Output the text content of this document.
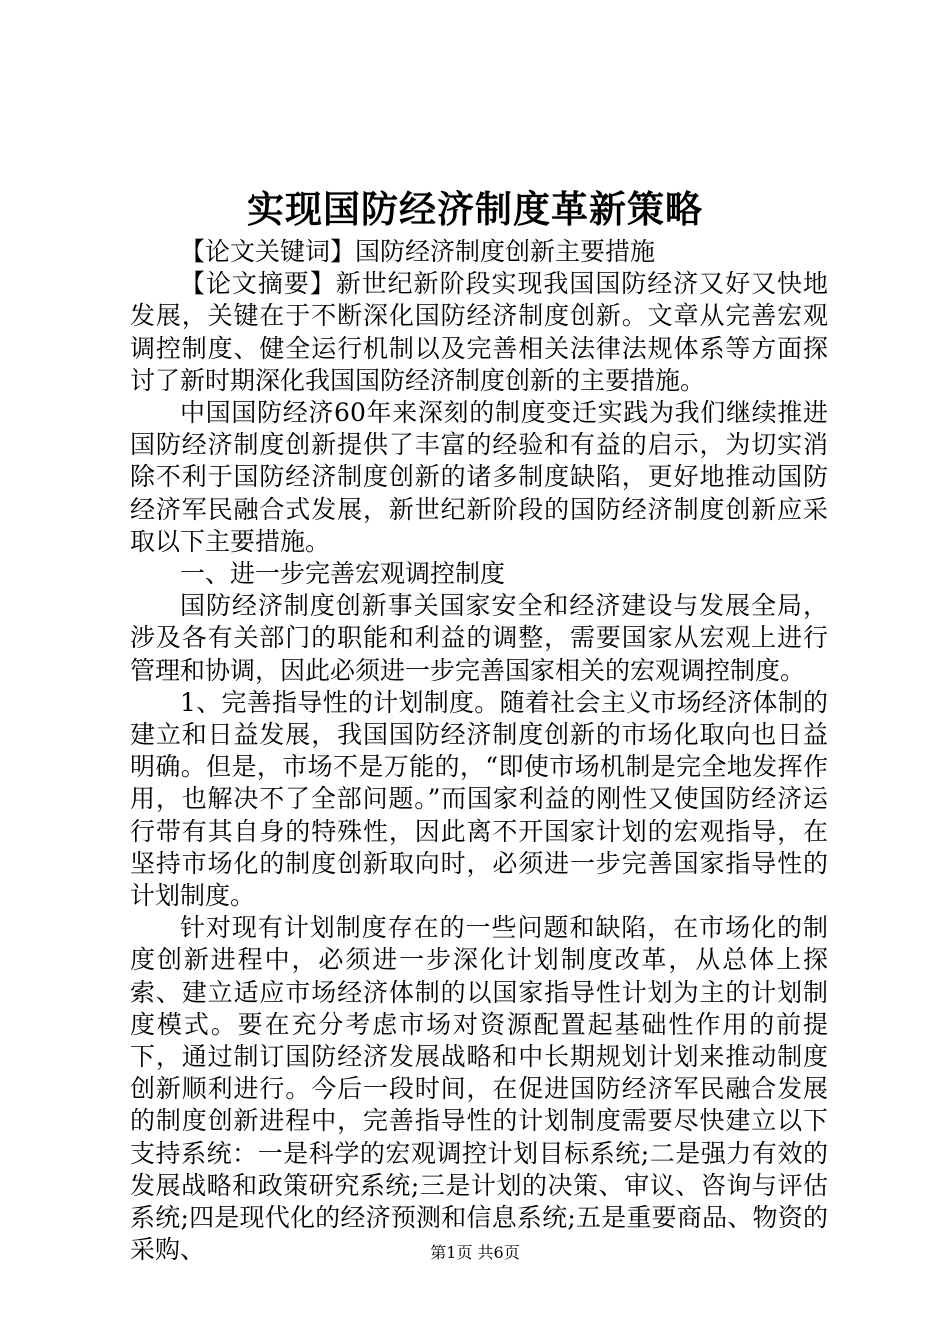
实现国防经济制度革新策略

【论文关键词】国防经济制度创新主要措施

【论文摘要】新世纪新阶段实现我国国防经济又好又快地发展，关键在于不断深化国防经济制度创新。文章从完善宏观调控制度、健全运行机制以及完善相关法律法规体系等方面探讨了新时期深化我国国防经济制度创新的主要措施。

中国国防经济60年来深刻的制度变迁实践为我们继续推进国防经济制度创新提供了丰富的经验和有益的启示，为切实消除不利于国防经济制度创新的诸多制度缺陷，更好地推动国防经济军民融合式发展，新世纪新阶段的国防经济制度创新应采取以下主要措施。

一、进一步完善宏观调控制度

国防经济制度创新事关国家安全和经济建设与发展全局，涉及各有关部门的职能和利益的调整，需要国家从宏观上进行管理和协调，因此必须进一步完善国家相关的宏观调控制度。

1、完善指导性的计划制度。随着社会主义市场经济体制的建立和日益发展，我国国防经济制度创新的市场化取向也日益明确。但是，市场不是万能的，“即使市场机制是完全地发挥作用，也解决不了全部问题。”而国家利益的刚性又使国防经济运行带有其自身的特殊性，因此离不开国家计划的宏观指导，在坚持市场化的制度创新取向时，必须进一步完善国家指导性的计划制度。

针对现有计划制度存在的一些问题和缺陷，在市场化的制度创新进程中，必须进一步深化计划制度改革，从总体上探索、建立适应市场经济体制的以国家指导性计划为主的计划制度模式。要在充分考虑市场对资源配置起基础性作用的前提下，通过制订国防经济发展战略和中长期规划计划来推动制度创新顺利进行。今后一段时间，在促进国防经济军民融合发展的制度创新进程中，完善指导性的计划制度需要尽快建立以下支持系统：一是科学的宏观调控计划目标系统;二是强力有效的发展战略和政策研究系统;三是计划的决策、审议、咨询与评估系统;四是现代化的经济预测和信息系统;五是重要商品、物资的采购、	第1页 共6页
